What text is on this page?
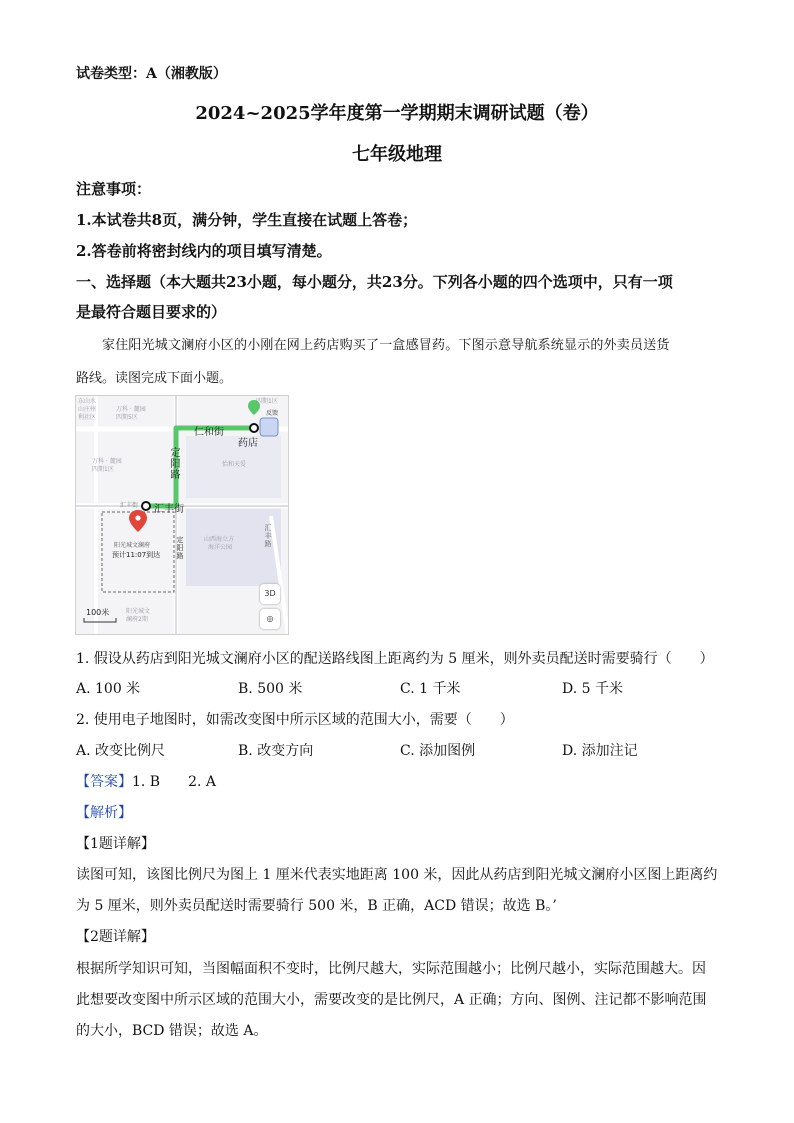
试卷类型：A（湘教版）
2024~2025学年度第一学期期末调研试题（卷）
七年级地理
注意事项：
1.本试卷共8页，满分钟，学生直接在试题上答卷；
2.答卷前将密封线内的项目填写清楚。
一、选择题（本大题共23小题，每小题分，共23分。下列各小题的四个选项中，只有一项
是最符合题目要求的）
家住阳光城文澜府小区的小刚在网上药店购买了一盒感冒药。下图示意导航系统显示的外卖员送货
路线。读图完成下面小题。
东山水
山庄州
利社区
万科 · 麓园
四期5区
万科 · 麓园
四期1区
四期1区
怡和天爱
山西海立方
海洋公园
阳光城文
澜府2期
阳光城文澜府
预计11:07到达
反馈
仁和街
药店
定阳路
汇丰街
汇丰街
定阳路
汇丰路
100米
3D
◎
1. 假设从药店到阳光城文澜府小区的配送路线图上距离约为 5 厘米，则外卖员配送时需要骑行（　　）
A. 100 米	B. 500 米	C. 1 千米	D. 5 千米
2. 使用电子地图时，如需改变图中所示区域的范围大小，需要（　　）
A. 改变比例尺	B. 改变方向	C. 添加图例	D. 添加注记
【答案】1. B　　2. A
【解析】
【1题详解】
读图可知，该图比例尺为图上 1 厘米代表实地距离 100 米，因此从药店到阳光城文澜府小区图上距离约
为 5 厘米，则外卖员配送时需要骑行 500 米，B 正确，ACD 错误；故选 B。’
【2题详解】
根据所学知识可知，当图幅面积不变时，比例尺越大，实际范围越小；比例尺越小，实际范围越大。因
此想要改变图中所示区域的范围大小，需要改变的是比例尺，A 正确；方向、图例、注记都不影响范围
的大小，BCD 错误；故选 A。
